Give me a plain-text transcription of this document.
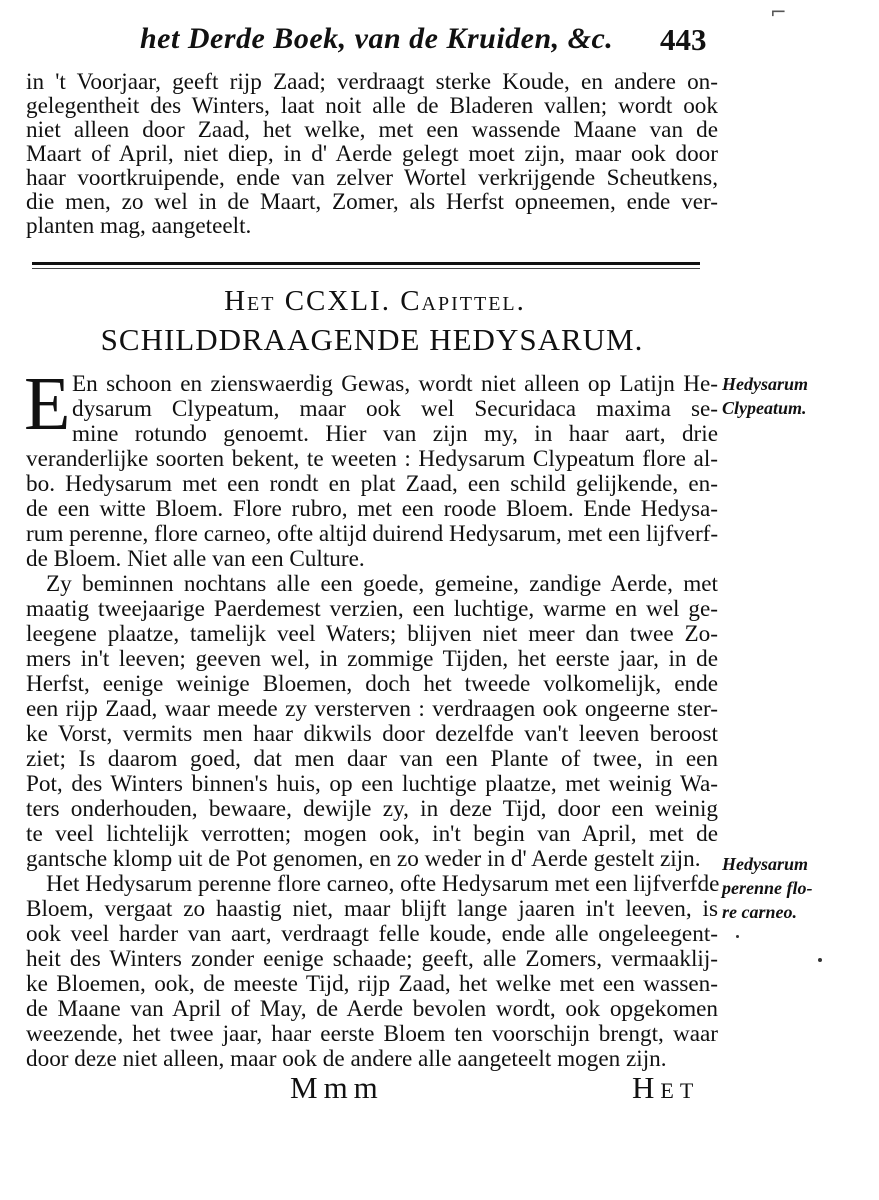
het Derde Boek, van de Kruiden, &c. 443
⌐
in 't Voorjaar, geeft rijp Zaad; verdraagt sterke Koude, en andere on-
gelegentheit des Winters, laat noit alle de Bladeren vallen; wordt ook
niet alleen door Zaad, het welke, met een wassende Maane van de
Maart of April, niet diep, in d' Aerde gelegt moet zijn, maar ook door
haar voortkruipende, ende van zelver Wortel verkrijgende Scheutkens,
die men, zo wel in de Maart, Zomer, als Herfst opneemen, ende ver-
planten mag, aangeteelt.
Het CCXLI. Capittel.
SCHILDDRAAGENDE HEDYSARUM.
E En schoon en zienswaerdig Gewas, wordt niet alleen op Latijn He-
dysarum Clypeatum, maar ook wel Securidaca maxima se-
mine rotundo genoemt. Hier van zijn my, in haar aart, drie
veranderlijke soorten bekent, te weeten : Hedysarum Clypeatum flore al-
bo. Hedysarum met een rondt en plat Zaad, een schild gelijkende, en-
de een witte Bloem. Flore rubro, met een roode Bloem. Ende Hedysa-
rum perenne, flore carneo, ofte altijd duirend Hedysarum, met een lijfverf-
de Bloem. Niet alle van een Culture.
Zy beminnen nochtans alle een goede, gemeine, zandige Aerde, met
maatig tweejaarige Paerdemest verzien, een luchtige, warme en wel ge-
leegene plaatze, tamelijk veel Waters; blijven niet meer dan twee Zo-
mers in't leeven; geeven wel, in zommige Tijden, het eerste jaar, in de
Herfst, eenige weinige Bloemen, doch het tweede volkomelijk, ende
een rijp Zaad, waar meede zy versterven : verdraagen ook ongeerne ster-
ke Vorst, vermits men haar dikwils door dezelfde van't leeven beroost
ziet; Is daarom goed, dat men daar van een Plante of twee, in een
Pot, des Winters binnen's huis, op een luchtige plaatze, met weinig Wa-
ters onderhouden, bewaare, dewijle zy, in deze Tijd, door een weinig
te veel lichtelijk verrotten; mogen ook, in't begin van April, met de
gantsche klomp uit de Pot genomen, en zo weder in d' Aerde gestelt zijn.
Het Hedysarum perenne flore carneo, ofte Hedysarum met een lijfverfde
Bloem, vergaat zo haastig niet, maar blijft lange jaaren in't leeven, is
ook veel harder van aart, verdraagt felle koude, ende alle ongeleegent-
heit des Winters zonder eenige schaade; geeft, alle Zomers, vermaaklij-
ke Bloemen, ook, de meeste Tijd, rijp Zaad, het welke met een wassen-
de Maane van April of May, de Aerde bevolen wordt, ook opgekomen
weezende, het twee jaar, haar eerste Bloem ten voorschijn brengt, waar
door deze niet alleen, maar ook de andere alle aangeteelt mogen zijn.
Hedysarum
Clypeatum.
Hedysarum
perenne flo-
re carneo.
Mmm	Het
